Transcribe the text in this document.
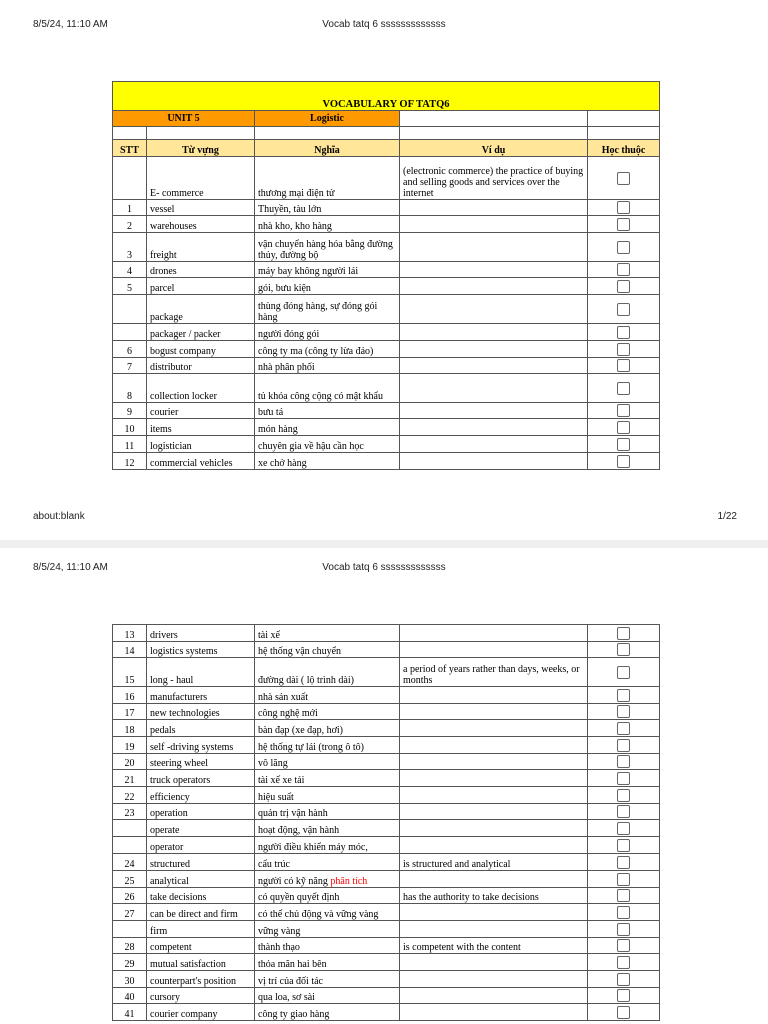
8/5/24, 11:10 AM	Vocab tatq 6 sssssssssssss
VOCABULARY OF TATQ6				
UNIT 5		Logistic		

STT	Từ vựng	Nghĩa	Ví dụ	Học thuộc
	E- commerce	thương mại điện tử	(electronic commerce) the practice of buying and selling goods and services over the internet	
1	vessel	Thuyền, tàu lớn		
2	warehouses	nhà kho, kho hàng		
3	freight	vận chuyển hàng hóa bằng đường thủy, đường bộ		
4	drones	máy bay không người lái		
5	parcel	gói, bưu kiện		
	package	thùng đóng hàng, sự đóng gói hàng		
	packager / packer	người đóng gói		
6	bogust company	công ty ma (công ty lừa đảo)		
7	distributor	nhà phân phối		
8	collection locker	tủ khóa công cộng có mật khẩu		
9	courier	bưu tá		
10	items	món hàng		
11	logistician	chuyên gia về hậu cần học		
12	commercial vehicles	xe chở hàng		
about:blank	1/22
8/5/24, 11:10 AM	Vocab tatq 6 sssssssssssss
13	drivers	tài xế		
14	logistics systems	hệ thống vận chuyển		
15	long - haul	đường dài ( lộ trình dài)	a period of years rather than days, weeks, or months	
16	manufacturers	nhà sản xuất		
17	new technologies	công nghệ mới		
18	pedals	bàn đạp (xe đạp, hơi)		
19	self -driving systems	hệ thống tự lái (trong ô tô)		
20	steering wheel	vô lăng		
21	truck operators	tài xế xe tải		
22	efficiency	hiệu suất		
23	operation	quản trị vận hành		
	operate	hoạt động, vận hành		
	operator	người điều khiển máy móc,		
24	structured	cấu trúc	is structured and analytical	
25	analytical	người có kỹ năng phân tích		
26	take decisions	có quyền quyết định	has the authority to take decisions	
27	can be direct and firm	có thể chủ động và vững vàng		
	firm	vững vàng		
28	competent	thành thạo	is competent with the content	
29	mutual satisfaction	thỏa mãn hai bên		
30	counterpart's position	vị trí của đối tác		
40	cursory	qua loa, sơ sài		
41	courier company	công ty giao hàng		
